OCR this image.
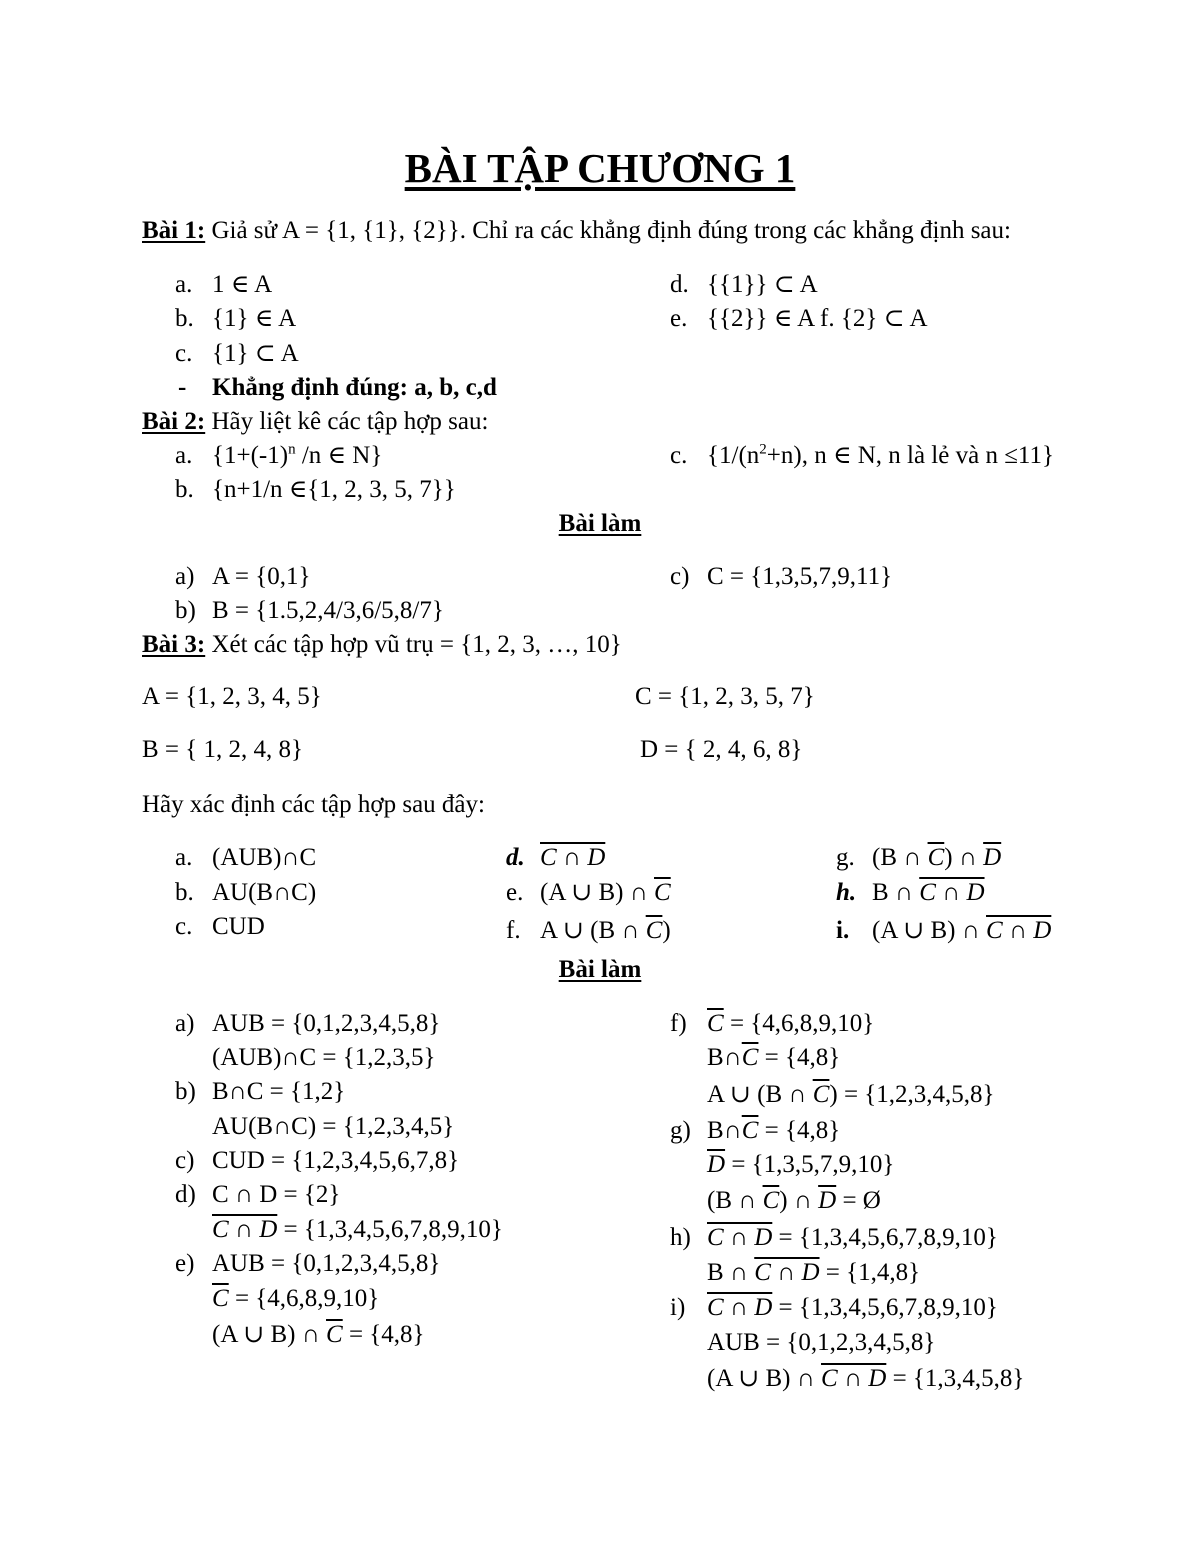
BÀI TẬP CHƯƠNG 1
Bài 1: Giả sử A = {1, {1}, {2}}. Chỉ ra các khẳng định đúng trong các khẳng định sau:
a. 1 ∈ A
b. {1} ∈ A
c. {1} ⊂ A
d. {{1}} ⊂ A
e. {{2}} ∈ A f. {2} ⊂ A
- Khẳng định đúng: a, b, c,d
Bài 2: Hãy liệt kê các tập hợp sau:
a. {$1+(-1)^n$ /n ∈ N}
b. {n+1/n ∈{1, 2, 3, 5, 7}}
c. {$1/(n^2+n)$, n ∈ N, n là lẻ và n ≤11}
Bài làm
a) A = {0,1}
b) B = {1.5,2,4/3,6/5,8/7}
c) C = {1,3,5,7,9,11}
Bài 3: Xét các tập hợp vũ trụ = {1, 2, 3, …, 10}
A = {1, 2, 3, 4, 5}	C = {1, 2, 3, 5, 7}
B = { 1, 2, 4, 8}	D = { 2, 4, 6, 8}
Hãy xác định các tập hợp sau đây:
a. (AUB)∩C
b. AU(B∩C)
c. CUD
d. C ∩ D
e. (A ∪ B) ∩ $\overline{C}$
f. A ∪ (B ∩ $\overline{C}$)
g. (B ∩ $\overline{C}$) ∩ $\overline{D}$
h. B ∩ C ∩ D
i. (A ∪ B) ∩ C ∩ D
Bài làm
a) AUB = {0,1,2,3,4,5,8}
(AUB)∩C = {1,2,3,5}
b) B∩C = {1,2}
AU(B∩C) = {1,2,3,4,5}
c) CUD = {1,2,3,4,5,6,7,8}
d) C ∩ D = {2}
C ∩ D = {1,3,4,5,6,7,8,9,10}
e) AUB = {0,1,2,3,4,5,8}
$\overline{C} = \{4,6,8,9,10\}$
(A ∪ B) ∩ $\overline{C} = \{4,8\}$
f) $\overline{C} = \{4,6,8,9,10\}$
$B\cap\overline{C} = \{4,8\}$
A ∪ (B ∩ $\overline{C}) = \{1,2,3,4,5,8\}$
g) $B\cap\overline{C} = \{4,8\}$
$\overline{D} = \{1,3,5,7,9,10\}$
(B ∩ $\overline{C}$) ∩ $\overline{D}$ = Ø
h) C ∩ D = {1,3,4,5,6,7,8,9,10}
B ∩ C ∩ D = {1,4,8}
i) C ∩ D = {1,3,4,5,6,7,8,9,10}
AUB = {0,1,2,3,4,5,8}
(A ∪ B) ∩ C ∩ D = {1,3,4,5,8}
